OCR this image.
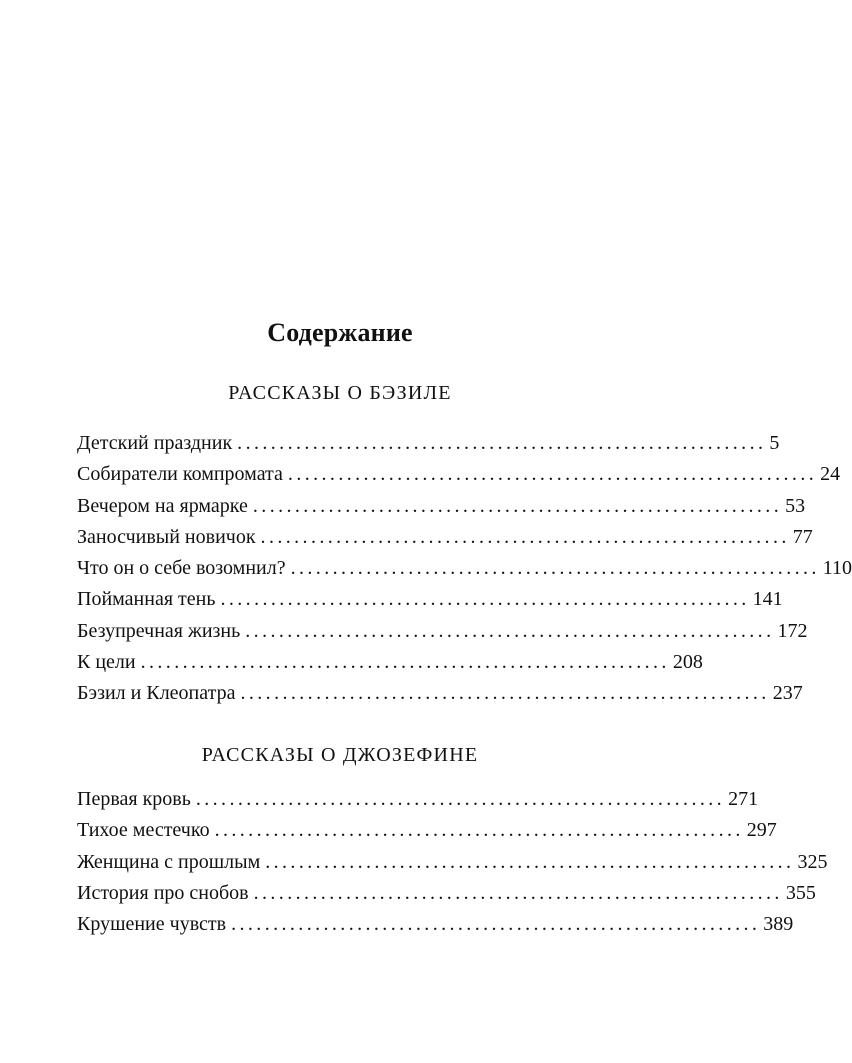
Содержание
РАССКАЗЫ О БЭЗИЛЕ
Детский праздник ............................................................... 5
Собиратели компромата ............................................................... 24
Вечером на ярмарке ............................................................... 53
Заносчивый новичок ............................................................... 77
Что он о себе возомнил? ............................................................... 110
Пойманная тень ............................................................... 141
Безупречная жизнь ............................................................... 172
К цели ............................................................... 208
Бэзил и Клеопатра ............................................................... 237
РАССКАЗЫ О ДЖОЗЕФИНЕ
Первая кровь ............................................................... 271
Тихое местечко ............................................................... 297
Женщина с прошлым ............................................................... 325
История про снобов ............................................................... 355
Крушение чувств ............................................................... 389
